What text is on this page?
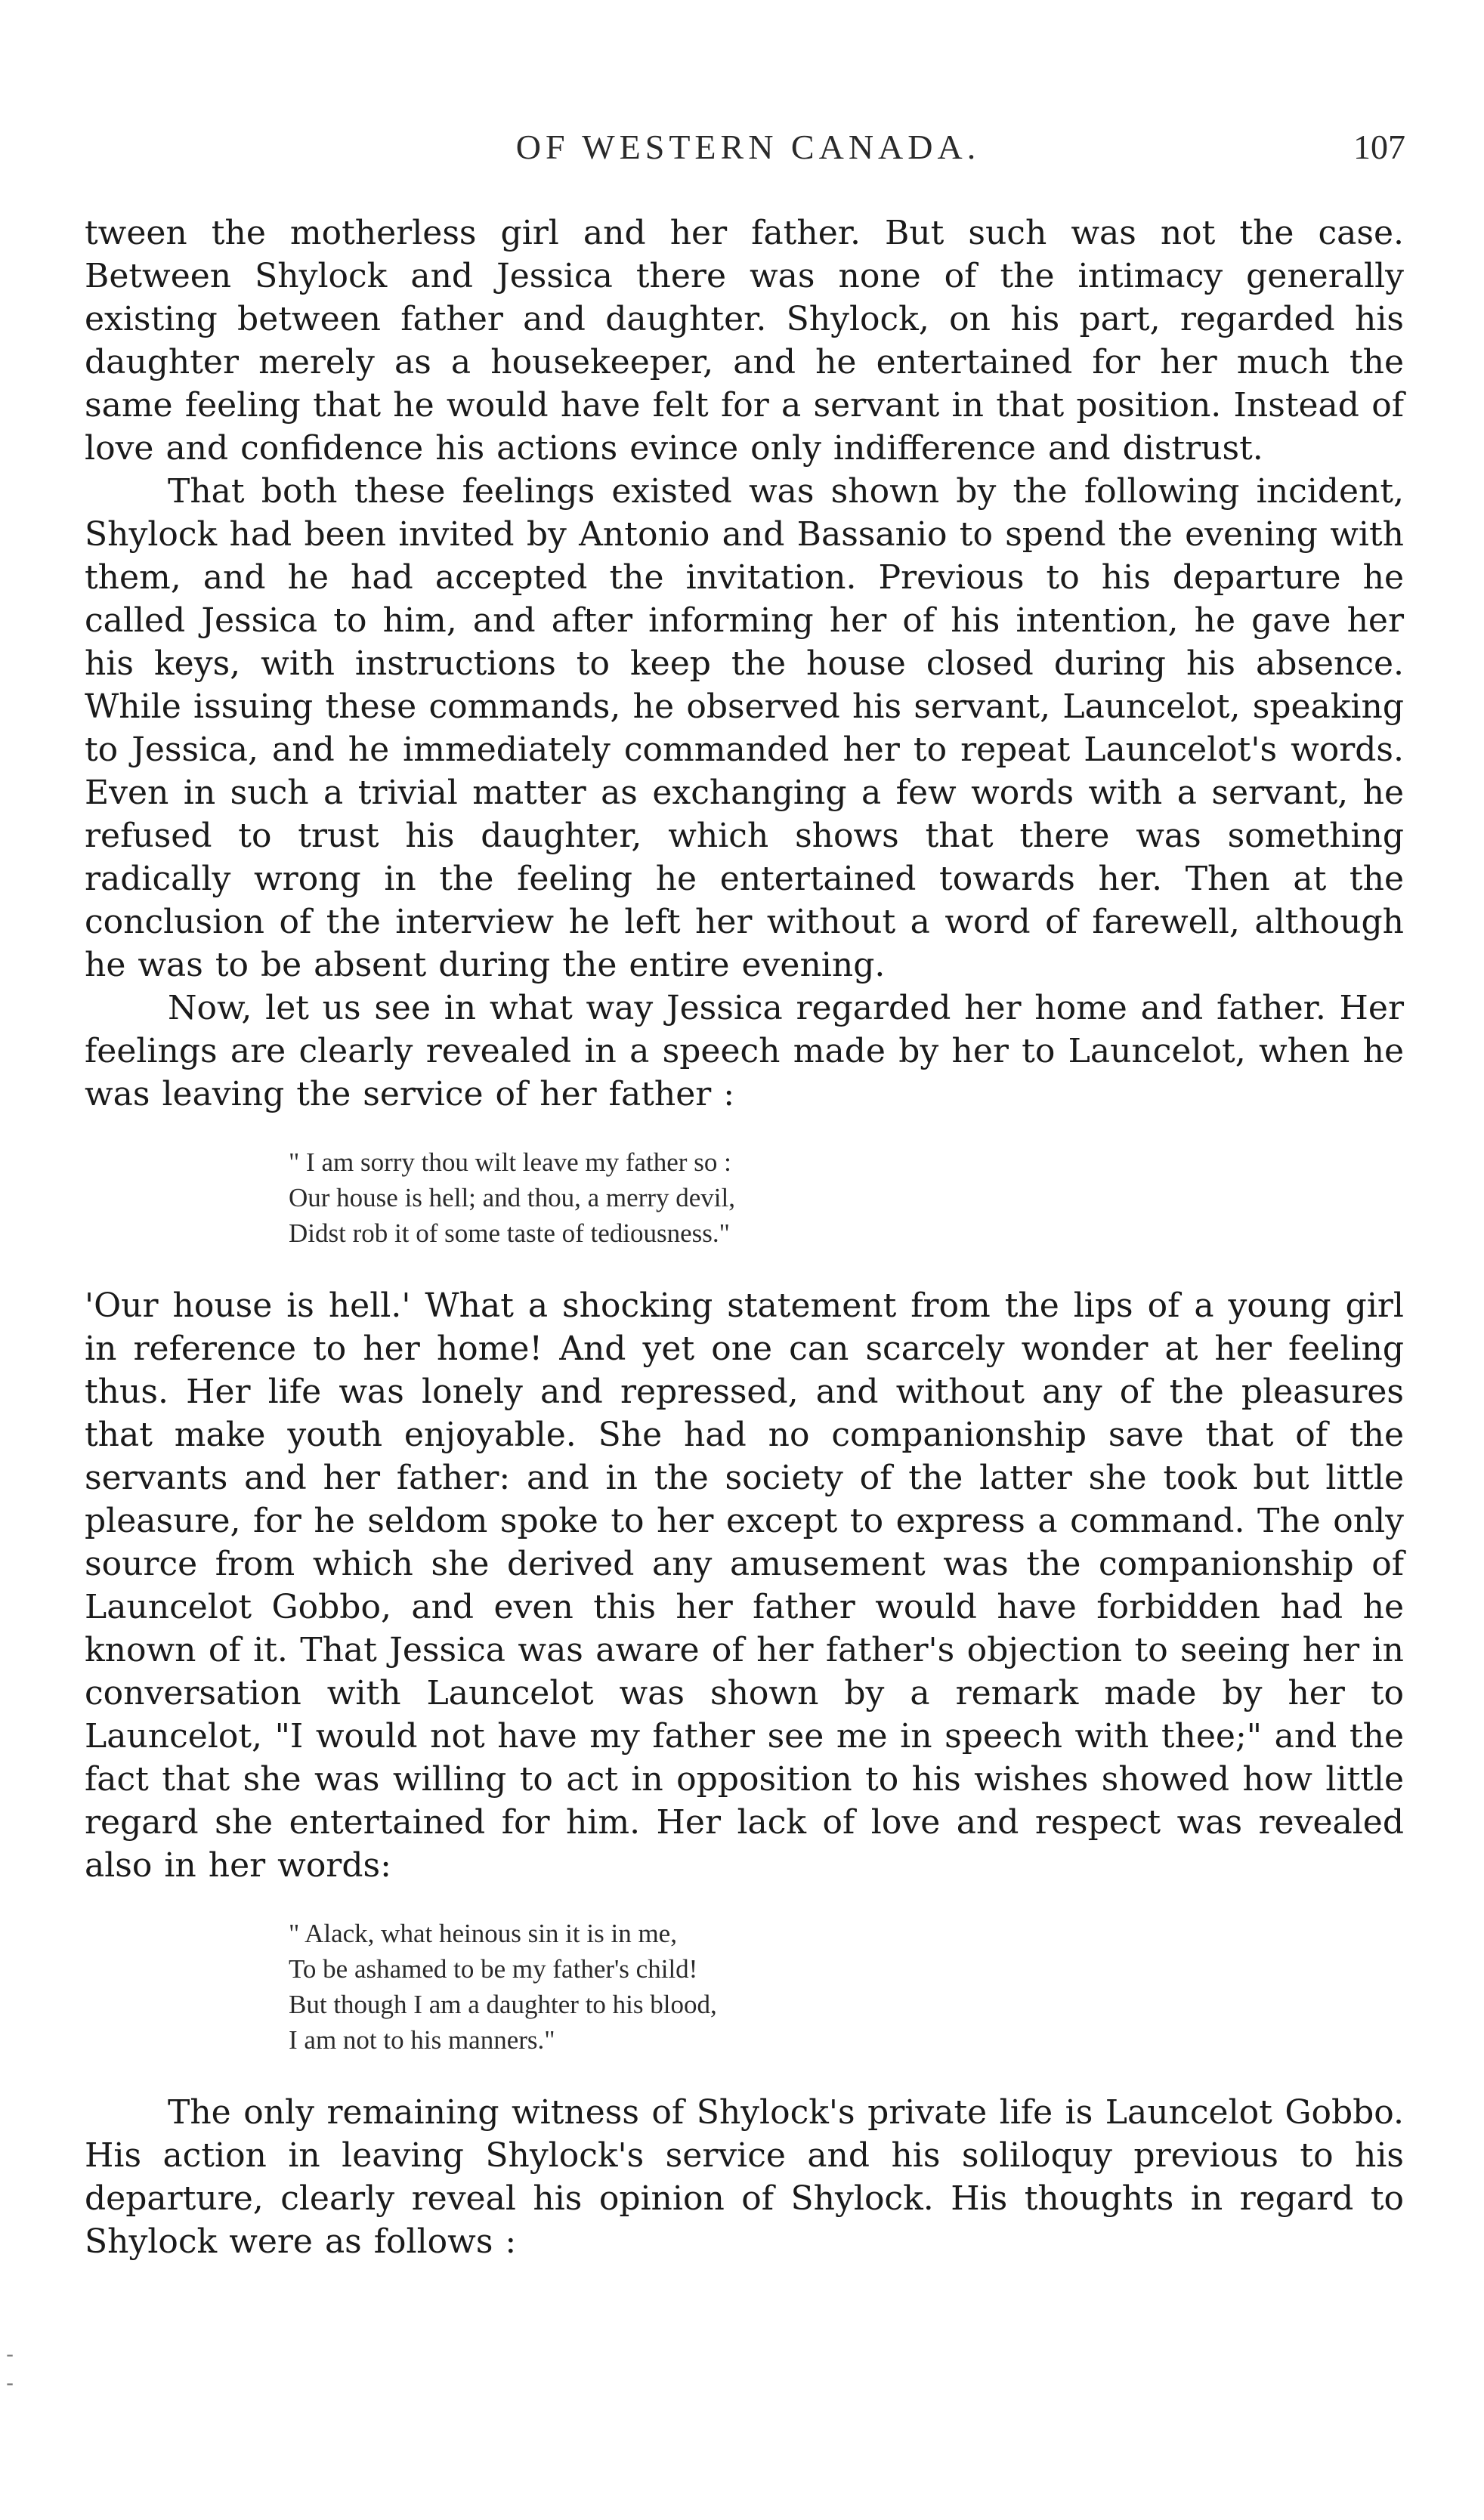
OF WESTERN CANADA.	107

tween the motherless girl and her father. But such was not the case. Between Shylock and Jessica there was none of the intimacy generally existing between father and daughter. Shylock, on his part, regarded his daughter merely as a housekeeper, and he entertained for her much the same feeling that he would have felt for a servant in that position. Instead of love and confidence his actions evince only indifference and distrust.

That both these feelings existed was shown by the following incident, Shylock had been invited by Antonio and Bassanio to spend the evening with them, and he had accepted the invitation. Previous to his departure he called Jessica to him, and after informing her of his intention, he gave her his keys, with instructions to keep the house closed during his absence. While issuing these commands, he observed his servant, Launcelot, speaking to Jessica, and he immediately commanded her to repeat Launcelot's words. Even in such a trivial matter as exchanging a few words with a servant, he refused to trust his daughter, which shows that there was something radically wrong in the feeling he entertained towards her. Then at the conclusion of the interview he left her without a word of farewell, although he was to be absent during the entire evening.

Now, let us see in what way Jessica regarded her home and father. Her feelings are clearly revealed in a speech made by her to Launcelot, when he was leaving the service of her father :

" I am sorry thou wilt leave my father so :
Our house is hell; and thou, a merry devil,
Didst rob it of some taste of tediousness."

'Our house is hell.' What a shocking statement from the lips of a young girl in reference to her home! And yet one can scarcely wonder at her feeling thus. Her life was lonely and repressed, and without any of the pleasures that make youth enjoyable. She had no companionship save that of the servants and her father: and in the society of the latter she took but little pleasure, for he seldom spoke to her except to express a command. The only source from which she derived any amusement was the companionship of Launcelot Gobbo, and even this her father would have forbidden had he known of it. That Jessica was aware of her father's objection to seeing her in conversation with Launcelot was shown by a remark made by her to Launcelot, "I would not have my father see me in speech with thee;" and the fact that she was willing to act in opposition to his wishes showed how little regard she entertained for him. Her lack of love and respect was revealed also in her words:

" Alack, what heinous sin it is in me,
To be ashamed to be my father's child!
But though I am a daughter to his blood,
I am not to his manners."

The only remaining witness of Shylock's private life is Launcelot Gobbo. His action in leaving Shylock's service and his soliloquy previous to his departure, clearly reveal his opinion of Shylock. His thoughts in regard to Shylock were as follows :

-
-
